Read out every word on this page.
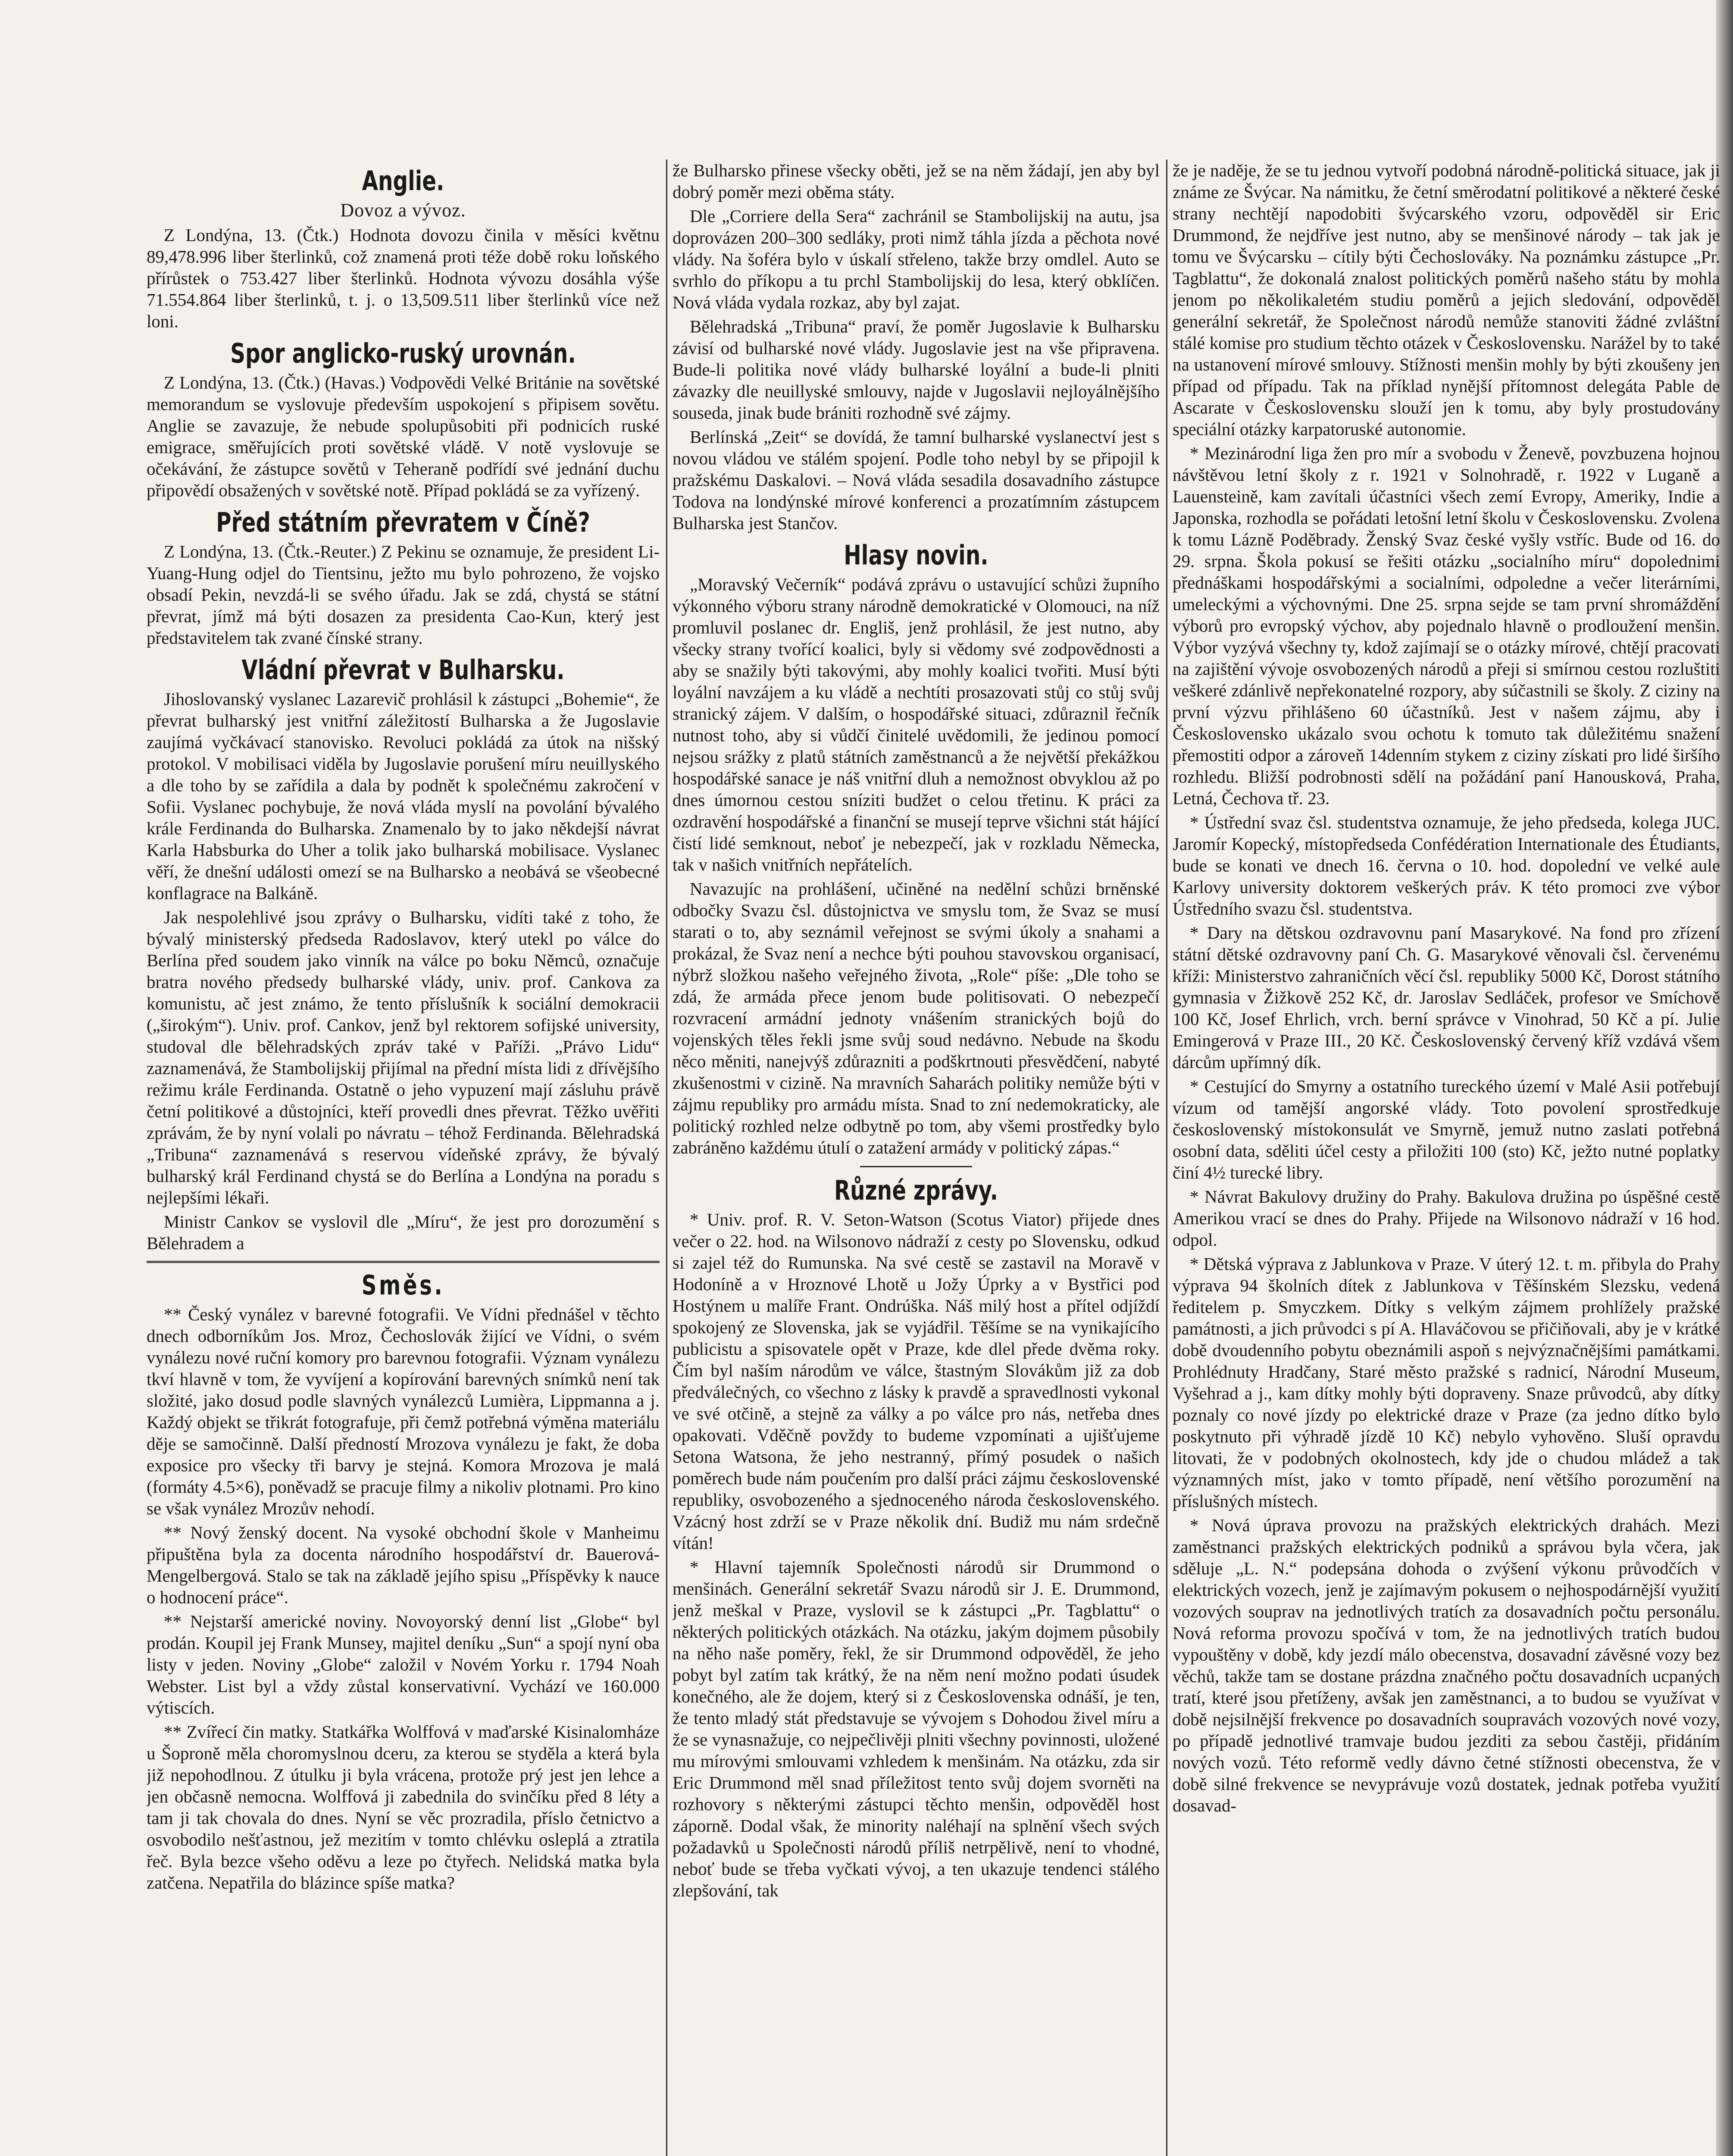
Anglie.
Dovoz a vývoz.

Z Londýna, 13. (Čtk.) Hodnota dovozu činila v měsíci květnu 89,478.996 liber šterlinků, což znamená proti téže době roku loňského přírůstek o 753.427 liber šterlinků. Hodnota vývozu dosáhla výše 71.554.864 liber šterlinků, t. j. o 13,509.511 liber šterlinků více než loni.

Spor anglicko-ruský urovnán.

Z Londýna, 13. (Čtk.) (Havas.) Vodpovědi Velké Británie na sovětské memorandum se vyslovuje především uspokojení s připisem sovětu. Anglie se zavazuje, že nebude spolupůsobiti při podnicích ruské emigrace, směřujících proti sovětské vládě. V notě vyslovuje se očekávání, že zástupce sovětů v Teheraně podřídí své jednání duchu připovědí obsažených v sovětské notě. Případ pokládá se za vyřízený.

Před státním převratem v Číně?

Z Londýna, 13. (Čtk.-Reuter.) Z Pekinu se oznamuje, že president Li-Yuang-Hung odjel do Tientsinu, ježto mu bylo pohrozeno, že vojsko obsadí Pekin, nevzdá-li se svého úřadu. Jak se zdá, chystá se státní převrat, jímž má býti dosazen za presidenta Cao-Kun, který jest představitelem tak zvané čínské strany.

Vládní převrat v Bulharsku.

Jihoslovanský vyslanec Lazarevič prohlásil k zástupci „Bohemie“, že převrat bulharský jest vnitřní záležitostí Bulharska a že Jugoslavie zaujímá vyčkávací stanovisko. Revoluci pokládá za útok na nišský protokol. V mobilisaci viděla by Jugoslavie porušení míru neuillyského a dle toho by se zařídila a dala by podnět k společnému zakročení v Sofii. Vyslanec pochybuje, že nová vláda myslí na povolání bývalého krále Ferdinanda do Bulharska. Znamenalo by to jako někdejší návrat Karla Habsburka do Uher a tolik jako bulharská mobilisace. Vyslanec věří, že dnešní události omezí se na Bulharsko a neobává se všeobecné konflagrace na Balkáně.

Jak nespolehlivé jsou zprávy o Bulharsku, vidíti také z toho, že bývalý ministerský předseda Radoslavov, který utekl po válce do Berlína před soudem jako vinník na válce po boku Němců, označuje bratra nového předsedy bulharské vlády, univ. prof. Cankova za komunistu, ač jest známo, že tento příslušník k sociální demokracii („širokým“). Univ. prof. Cankov, jenž byl rektorem sofijské university, studoval dle bělehradských zpráv také v Paříži. „Právo Lidu“ zaznamenává, že Stambolijskij přijímal na přední místa lidi z dřívějšího režimu krále Ferdinanda. Ostatně o jeho vypuzení mají zásluhu právě četní politikové a důstojníci, kteří provedli dnes převrat. Těžko uvěřiti zprávám, že by nyní volali po návratu – téhož Ferdinanda. Bělehradská „Tribuna“ zaznamenává s reservou vídeňské zprávy, že bývalý bulharský král Ferdinand chystá se do Berlína a Londýna na poradu s nejlepšími lékaři.

Ministr Cankov se vyslovil dle „Míru“, že jest pro dorozumění s Bělehradem a

Směs.

** Český vynález v barevné fotografii. Ve Vídni přednášel v těchto dnech odborníkům Jos. Mroz, Čechoslovák žijící ve Vídni, o svém vynálezu nové ruční komory pro barevnou fotografii. Význam vynálezu tkví hlavně v tom, že vyvíjení a kopírování barevných snímků není tak složité, jako dosud podle slavných vynálezců Lumièra, Lippmanna a j. Každý objekt se třikrát fotografuje, při čemž potřebná výměna materiálu děje se samočinně. Další předností Mrozova vynálezu je fakt, že doba exposice pro všecky tři barvy je stejná. Komora Mrozova je malá (formáty 4.5×6), poněvadž se pracuje filmy a nikoliv plotnami. Pro kino se však vynález Mrozův nehodí.

** Nový ženský docent. Na vysoké obchodní škole v Manheimu připuštěna byla za docenta národního hospodářství dr. Bauerová-Mengelbergová. Stalo se tak na základě jejího spisu „Příspěvky k nauce o hodnocení práce“.

** Nejstarší americké noviny. Novoyorský denní list „Globe“ byl prodán. Koupil jej Frank Munsey, majitel deníku „Sun“ a spojí nyní oba listy v jeden. Noviny „Globe“ založil v Novém Yorku r. 1794 Noah Webster. List byl a vždy zůstal konservativní. Vychází ve 160.000 výtiscích.

** Zvířecí čin matky. Statkářka Wolffová v maďarské Kisinalomháze u Šoproně měla choromyslnou dceru, za kterou se styděla a která byla již nepohodlnou. Z útulku ji byla vrácena, protože prý jest jen lehce a jen občasně nemocna. Wolffová ji zabednila do svinčíku před 8 léty a tam ji tak chovala do dnes. Nyní se věc prozradila, příslo četnictvo a osvobodilo nešťastnou, jež mezitím v tomto chlévku osleplá a ztratila řeč. Byla bezce všeho oděvu a leze po čtyřech. Nelidská matka byla zatčena. Nepatřila do blázince spíše matka?

že Bulharsko přinese všecky oběti, jež se na něm žádají, jen aby byl dobrý poměr mezi oběma státy.

Dle „Corriere della Sera“ zachránil se Stambolijskij na autu, jsa doprovázen 200–300 sedláky, proti nimž táhla jízda a pěchota nové vlády. Na šoféra bylo v úskalí střeleno, takže brzy omdlel. Auto se svrhlo do příkopu a tu prchl Stambolijskij do lesa, který obklíčen. Nová vláda vydala rozkaz, aby byl zajat.

Bělehradská „Tribuna“ praví, že poměr Jugoslavie k Bulharsku závisí od bulharské nové vlády. Jugoslavie jest na vše připravena. Bude-li politika nové vlády bulharské loyální a bude-li plniti závazky dle neuillyské smlouvy, najde v Jugoslavii nejloyálnějšího souseda, jinak bude brániti rozhodně své zájmy.

Berlínská „Zeit“ se dovídá, že tamní bulharské vyslanectví jest s novou vládou ve stálém spojení. Podle toho nebyl by se připojil k pražskému Daskalovi. – Nová vláda sesadila dosavadního zástupce Todova na londýnské mírové konferenci a prozatímním zástupcem Bulharska jest Stančov.

Hlasy novin.

„Moravský Večerník“ podává zprávu o ustavující schůzi župního výkonného výboru strany národně demokratické v Olomouci, na níž promluvil poslanec dr. Engliš, jenž prohlásil, že jest nutno, aby všecky strany tvořící koalici, byly si vědomy své zodpovědnosti a aby se snažily býti takovými, aby mohly koalici tvořiti. Musí býti loyální navzájem a ku vládě a nechtíti prosazovati stůj co stůj svůj stranický zájem. V dalším, o hospodářské situaci, zdůraznil řečník nutnost toho, aby si vůdčí činitelé uvědomili, že jedinou pomocí nejsou srážky z platů státních zaměstnanců a že největší překážkou hospodářské sanace je náš vnitřní dluh a nemožnost obvyklou až po dnes úmornou cestou sníziti budžet o celou třetinu. K práci za ozdravění hospodářské a finanční se musejí teprve všichni stát hájící čistí lidé semknout, neboť je nebezpečí, jak v rozkladu Německa, tak v našich vnitřních nepřátelích.

Navazujíc na prohlášení, učiněné na nedělní schůzi brněnské odbočky Svazu čsl. důstojnictva ve smyslu tom, že Svaz se musí starati o to, aby seznámil veřejnost se svými úkoly a snahami a prokázal, že Svaz není a nechce býti pouhou stavovskou organisací, nýbrž složkou našeho veřejného života, „Role“ píše: „Dle toho se zdá, že armáda přece jenom bude politisovati. O nebezpečí rozvracení armádní jednoty vnášením stranických bojů do vojenských těles řekli jsme svůj soud nedávno. Nebude na škodu něco měniti, nanejvýš zdůrazniti a podškrtnouti přesvědčení, nabyté zkušenostmi v cizině. Na mravních Saharách politiky nemůže býti v zájmu republiky pro armádu místa. Snad to zní nedemokraticky, ale politický rozhled nelze odbytně po tom, aby všemi prostředky bylo zabráněno každému útulí o zatažení armády v politický zápas.“

Různé zprávy.

* Univ. prof. R. V. Seton-Watson (Scotus Viator) přijede dnes večer o 22. hod. na Wilsonovo nádraží z cesty po Slovensku, odkud si zajel též do Rumunska. Na své cestě se zastavil na Moravě v Hodoníně a v Hroznové Lhotě u Jožy Úprky a v Bystřici pod Hostýnem u malíře Frant. Ondrúška. Náš milý host a přítel odjíždí spokojený ze Slovenska, jak se vyjádřil. Těšíme se na vynikajícího publicistu a spisovatele opět v Praze, kde dlel přede dvěma roky. Čím byl naším národům ve válce, štastným Slovákům již za dob předválečných, co všechno z lásky k pravdě a spravedlnosti vykonal ve své otčině, a stejně za války a po válce pro nás, netřeba dnes opakovati. Vděčně povždy to budeme vzpomínati a ujišťujeme Setona Watsona, že jeho nestranný, přímý posudek o našich poměrech bude nám poučením pro další práci zájmu československé republiky, osvobozeného a sjednoceného národa československého. Vzácný host zdrží se v Praze několik dní. Budiž mu nám srdečně vítán!

* Hlavní tajemník Společnosti národů sir Drummond o menšinách. Generální sekretář Svazu národů sir J. E. Drummond, jenž meškal v Praze, vyslovil se k zástupci „Pr. Tagblattu“ o některých politických otázkách. Na otázku, jakým dojmem působily na něho naše poměry, řekl, že sir Drummond odpověděl, že jeho pobyt byl zatím tak krátký, že na něm není možno podati úsudek konečného, ale že dojem, který si z Československa odnáší, je ten, že tento mladý stát představuje se vývojem s Dohodou živel míru a že se vynasnažuje, co nejpečlivěji plniti všechny povinnosti, uložené mu mírovými smlouvami vzhledem k menšinám. Na otázku, zda sir Eric Drummond měl snad příležitost tento svůj dojem svorněti na rozhovory s některými zástupci těchto menšin, odpověděl host záporně. Dodal však, že minority naléhají na splnění všech svých požadavků u Společnosti národů příliš netrpělivě, není to vhodné, neboť bude se třeba vyčkati vývoj, a ten ukazuje tendenci stálého zlepšování, tak

že je naděje, že se tu jednou vytvoří podobná národně-politická situace, jak ji známe ze Švýcar. Na námitku, že četní směrodatní politikové a některé české strany nechtějí napodobiti švýcarského vzoru, odpověděl sir Eric Drummond, že nejdříve jest nutno, aby se menšinové národy – tak jak je tomu ve Švýcarsku – cítily býti Čechoslováky. Na poznámku zástupce „Pr. Tagblattu“, že dokonalá znalost politických poměrů našeho státu by mohla jenom po několikaletém studiu poměrů a jejich sledování, odpověděl generální sekretář, že Společnost národů nemůže stanoviti žádné zvláštní stálé komise pro studium těchto otázek v Československu. Narážel by to také na ustanovení mírové smlouvy. Stížnosti menšin mohly by býti zkoušeny jen případ od případu. Tak na příklad nynější přítomnost delegáta Pable de Ascarate v Československu slouží jen k tomu, aby byly prostudovány speciální otázky karpatoruské autonomie.

* Mezinárodní liga žen pro mír a svobodu v Ženevě, povzbuzena hojnou návštěvou letní školy z r. 1921 v Solnohradě, r. 1922 v Luganě a Lauensteině, kam zavítali účastníci všech zemí Evropy, Ameriky, Indie a Japonska, rozhodla se pořádati letošní letní školu v Československu. Zvolena k tomu Lázně Poděbrady. Ženský Svaz české vyšly vstříc. Bude od 16. do 29. srpna. Škola pokusí se řešiti otázku „socialního míru“ dopolednimi přednáškami hospodářskými a socialními, odpoledne a večer literárními, umeleckými a výchovnými. Dne 25. srpna sejde se tam první shromáždění výborů pro evropský výchov, aby pojednalo hlavně o prodloužení menšin. Výbor vyzývá všechny ty, kdož zajímají se o otázky mírové, chtějí pracovati na zajištění vývoje osvobozených národů a přeji si smírnou cestou rozluštiti veškeré zdánlivě nepřekonatelné rozpory, aby súčastnili se školy. Z ciziny na první výzvu přihlášeno 60 účastníků. Jest v našem zájmu, aby i Československo ukázalo svou ochotu k tomuto tak důležitému snažení přemostiti odpor a zároveň 14denním stykem z ciziny získati pro lidé širšího rozhledu. Bližší podrobnosti sdělí na požádání paní Hanousková, Praha, Letná, Čechova tř. 23.

* Ústřední svaz čsl. studentstva oznamuje, že jeho předseda, kolega JUC. Jaromír Kopecký, místopředseda Confédération Internationale des Étudiants, bude se konati ve dnech 16. června o 10. hod. dopolední ve velké aule Karlovy university doktorem veškerých práv. K této promoci zve výbor Ústředního svazu čsl. studentstva.

* Dary na dětskou ozdravovnu paní Masarykové. Na fond pro zřízení státní dětské ozdravovny paní Ch. G. Masarykové věnovali čsl. červenému kříži: Ministerstvo zahraničních věcí čsl. republiky 5000 Kč, Dorost státního gymnasia v Žižkově 252 Kč, dr. Jaroslav Sedláček, profesor ve Smíchově 100 Kč, Josef Ehrlich, vrch. berní správce v Vinohrad, 50 Kč a pí. Julie Emingerová v Praze III., 20 Kč. Československý červený kříž vzdává všem dárcům upřímný dík.

* Cestující do Smyrny a ostatního tureckého území v Malé Asii potřebují vízum od tamější angorské vlády. Toto povolení sprostředkuje československý místokonsulát ve Smyrně, jemuž nutno zaslati potřebná osobní data, sděliti účel cesty a přiložiti 100 (sto) Kč, ježto nutné poplatky činí 4½ turecké libry.

* Návrat Bakulovy družiny do Prahy. Bakulova družina po úspěšné cestě Amerikou vrací se dnes do Prahy. Přijede na Wilsonovo nádraží v 16 hod. odpol.

* Dětská výprava z Jablunkova v Praze. V úterý 12. t. m. přibyla do Prahy výprava 94 školních dítek z Jablunkova v Těšínském Slezsku, vedená ředitelem p. Smyczkem. Dítky s velkým zájmem prohlížely pražské památnosti, a jich průvodci s pí A. Hlaváčovou se přičiňovali, aby je v krátké době dvoudenního pobytu obeznámili aspoň s nejvýznačnějšími památkami. Prohlédnuty Hradčany, Staré město pražské s radnicí, Národní Museum, Vyšehrad a j., kam dítky mohly býti dopraveny. Snaze průvodců, aby dítky poznaly co nové jízdy po elektrické draze v Praze (za jedno dítko bylo poskytnuto při výhradě jízdě 10 Kč) nebylo vyhověno. Sluší opravdu litovati, že v podobných okolnostech, kdy jde o chudou mládež a tak významných míst, jako v tomto případě, není většího porozumění na příslušných místech.

* Nová úprava provozu na pražských elektrických drahách. Mezi zaměstnanci pražských elektrických podniků a správou byla včera, jak sděluje „L. N.“ podepsána dohoda o zvýšení výkonu průvodčích v elektrických vozech, jenž je zajímavým pokusem o nejhospodárnější využití vozových souprav na jednotlivých tratích za dosavadních počtu personálu. Nová reforma provozu spočívá v tom, že na jednotlivých tratích budou vypouštěny v době, kdy jezdí málo obecenstva, dosavadní závěsné vozy bez věchů, takže tam se dostane prázdna značného počtu dosavadních ucpaných tratí, které jsou přetíženy, avšak jen zaměstnanci, a to budou se využívat v době nejsilnější frekvence po dosavadních soupravách vozových nové vozy, po případě jednotlivé tramvaje budou jezditi za sebou častěji, přidáním nových vozů. Této reformě vedly dávno četné stížnosti obecenstva, že v době silné frekvence se nevyprávuje vozů dostatek, jednak potřeba využití dosavad-
